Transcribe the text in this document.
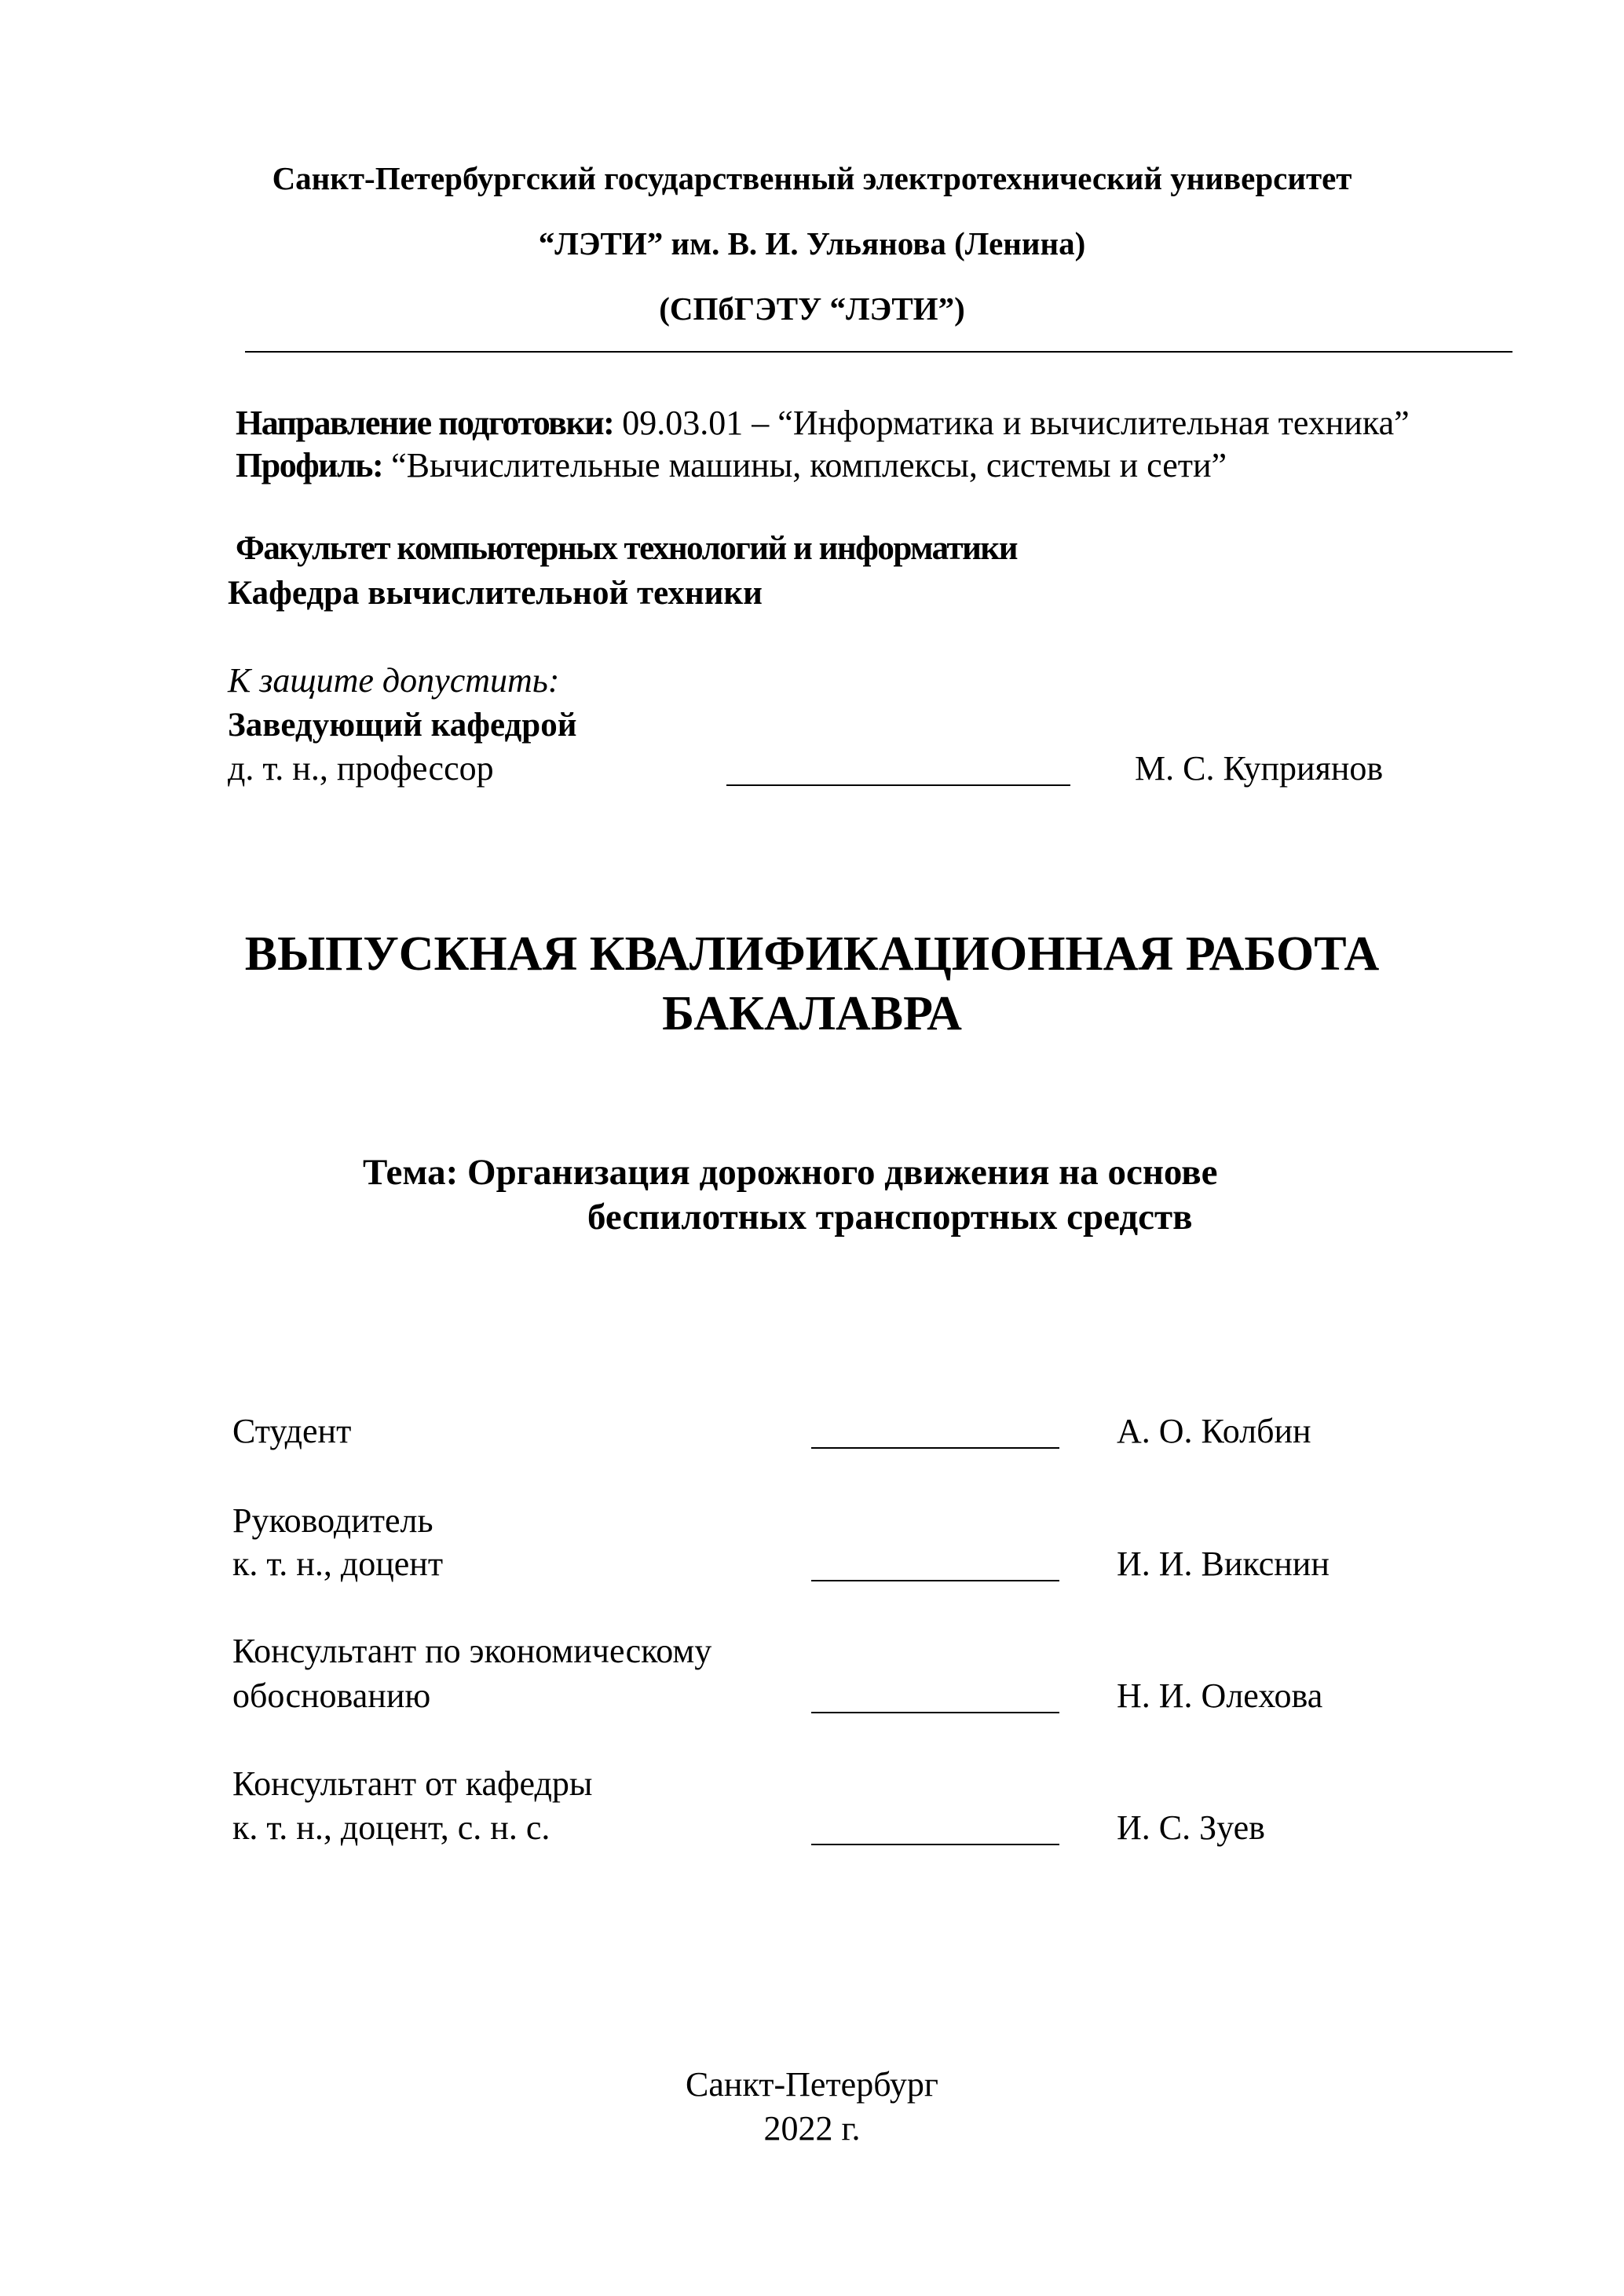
Санкт-Петербургский государственный электротехнический университет
“ЛЭТИ” им. В. И. Ульянова (Ленина)
(СПбГЭТУ “ЛЭТИ”)
Направление подготовки: 09.03.01 – “Информатика и вычислительная техника”
Профиль: “Вычислительные машины, комплексы, системы и сети”
Факультет компьютерных технологий и информатики
Кафедра вычислительной техники
К защите допустить:
Заведующий кафедрой
д. т. н., профессор	М. С. Куприянов
ВЫПУСКНАЯ КВАЛИФИКАЦИОННАЯ РАБОТА
БАКАЛАВРА
Тема: Организация дорожного движения на основе
беспилотных транспортных средств
Студент	А. О. Колбин
Руководитель
к. т. н., доцент	И. И. Викснин
Консультант по экономическому
обоснованию	Н. И. Олехова
Консультант от кафедры
к. т. н., доцент, с. н. с.	И. С. Зуев
Санкт-Петербург
2022 г.
